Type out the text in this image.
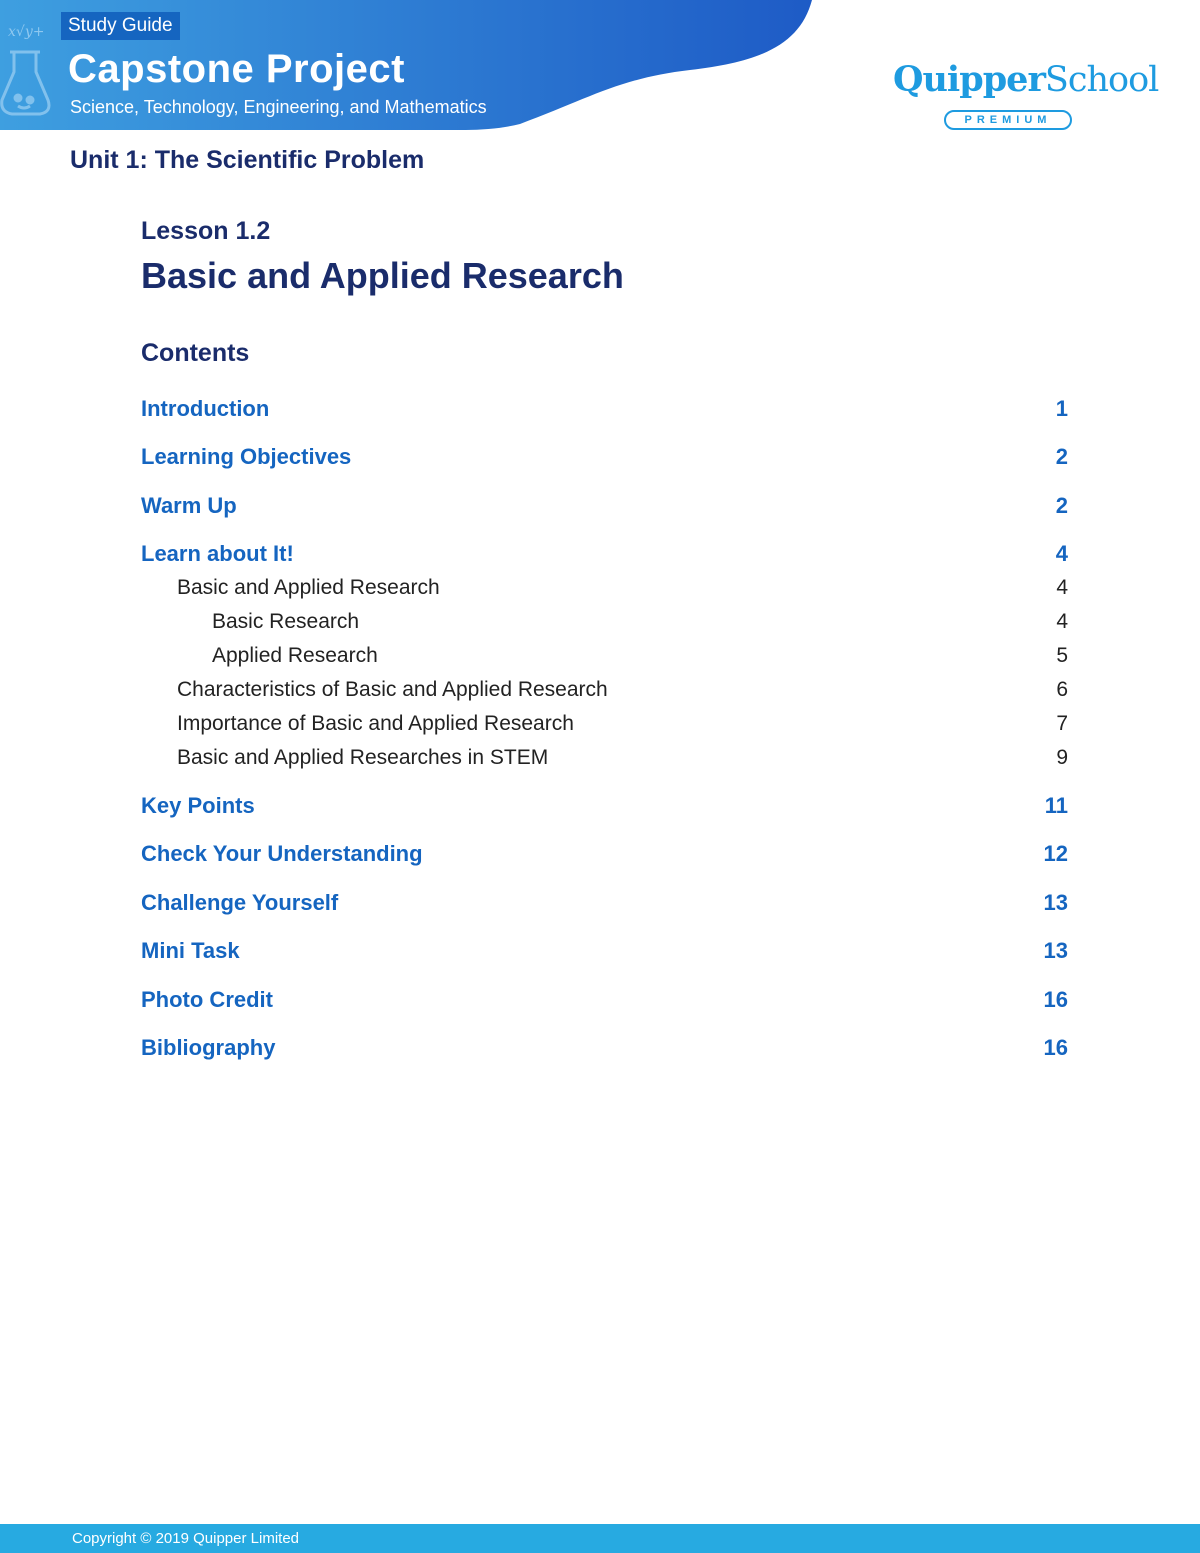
x√y+	Study Guide
Capstone Project

Science, Technology, Engineering, and Mathematics

QuipperSchool
PREMIUM
Unit 1: The Scientific Problem
Lesson 1.2
Basic and Applied Research
Contents
Introduction	1
Learning Objectives	2
Warm Up	2
Learn about It!	4
Basic and Applied Research	4
Basic Research	4
Applied Research	5
Characteristics of Basic and Applied Research	6
Importance of Basic and Applied Research	7
Basic and Applied Researches in STEM	9
Key Points	11
Check Your Understanding	12
Challenge Yourself	13
Mini Task	13
Photo Credit	16
Bibliography	16
Copyright © 2019 Quipper Limited
